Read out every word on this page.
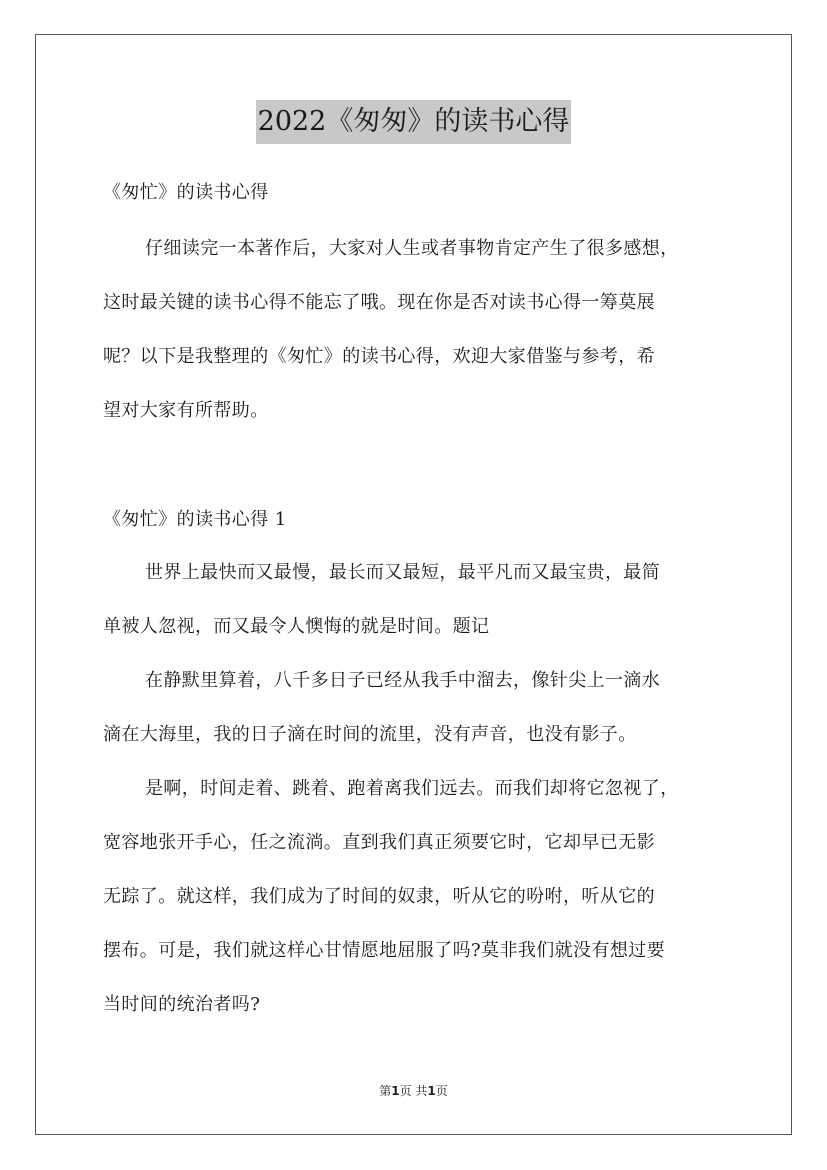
2022《匆匆》的读书心得
《匆忙》的读书心得
仔细读完一本著作后，大家对人生或者事物肯定产生了很多感想，
这时最关键的读书心得不能忘了哦。现在你是否对读书心得一筹莫展
呢？以下是我整理的《匆忙》的读书心得，欢迎大家借鉴与参考，希
望对大家有所帮助。
《匆忙》的读书心得 1
世界上最快而又最慢，最长而又最短，最平凡而又最宝贵，最简
单被人忽视，而又最令人懊悔的就是时间。题记
在静默里算着，八千多日子已经从我手中溜去，像针尖上一滴水
滴在大海里，我的日子滴在时间的流里，没有声音，也没有影子。
是啊，时间走着、跳着、跑着离我们远去。而我们却将它忽视了，
宽容地张开手心，任之流淌。直到我们真正须要它时，它却早已无影
无踪了。就这样，我们成为了时间的奴隶，听从它的吩咐，听从它的
摆布。可是，我们就这样心甘情愿地屈服了吗?莫非我们就没有想过要
当时间的统治者吗?
第1页 共1页
